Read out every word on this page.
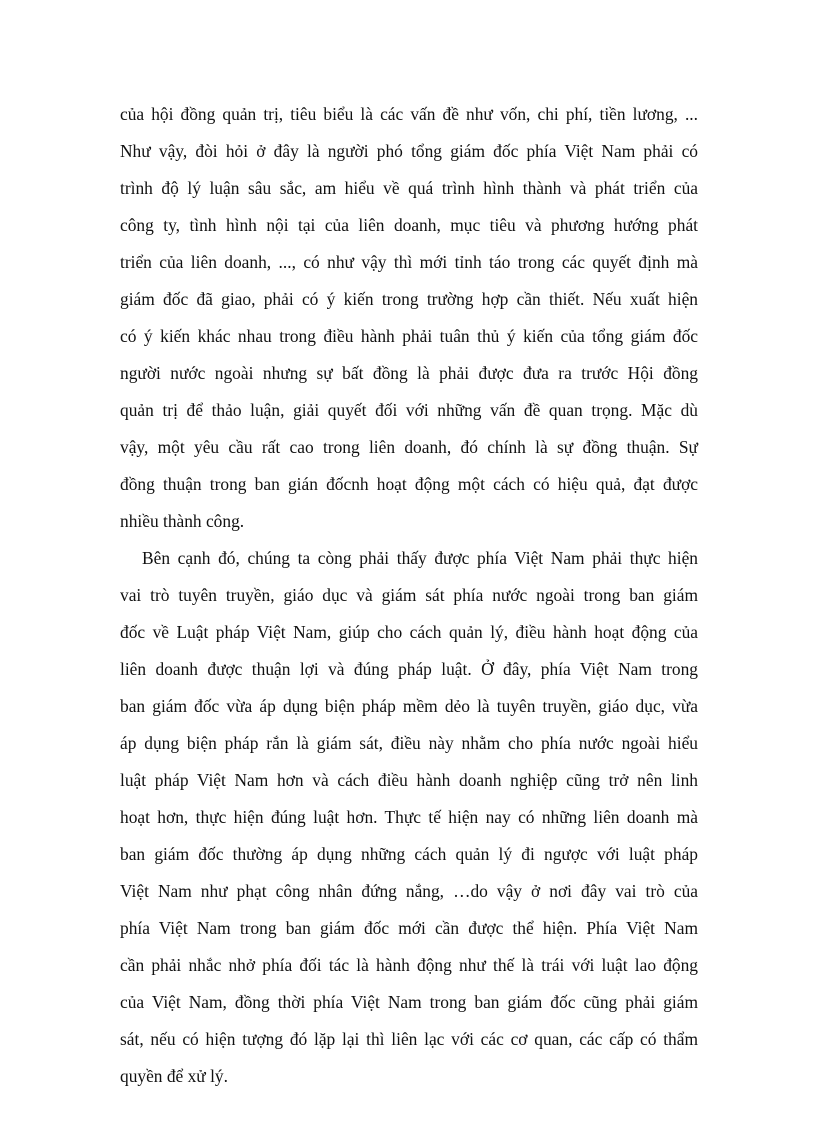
của hội đồng quản trị, tiêu biểu là các vấn đề như vốn, chi phí, tiền lương, ...
Như vậy, đòi hỏi ở đây là người phó tổng giám đốc phía Việt Nam phải có
trình độ lý luận sâu sắc, am hiểu về quá trình hình thành và phát triển của
công ty, tình hình nội tại của liên doanh, mục tiêu và phương hướng phát
triển của liên doanh, ..., có như vậy thì mới tỉnh táo trong các quyết định mà
giám đốc đã giao, phải có ý kiến trong trường hợp cần thiết. Nếu xuất hiện
có ý kiến khác nhau trong điều hành phải tuân thủ ý kiến của tổng giám đốc
người nước ngoài nhưng sự bất đồng là phải được đưa ra trước Hội đồng
quản trị để thảo luận, giải quyết đối với những vấn đề quan trọng. Mặc dù
vậy, một yêu cầu rất cao trong liên doanh, đó chính là sự đồng thuận. Sự
đồng thuận trong ban gián đốcnh hoạt động một cách có hiệu quả, đạt được
nhiều thành công.
Bên cạnh đó, chúng ta còng phải thấy được phía Việt Nam phải thực hiện
vai trò tuyên truyền, giáo dục và giám sát phía nước ngoài trong ban giám
đốc về Luật pháp Việt Nam, giúp cho cách quản lý, điều hành hoạt động của
liên doanh được thuận lợi và đúng pháp luật. Ở đây, phía Việt Nam trong
ban giám đốc vừa áp dụng biện pháp mềm dẻo là tuyên truyền, giáo dục, vừa
áp dụng biện pháp rắn là giám sát, điều này nhằm cho phía nước ngoài hiểu
luật pháp Việt Nam hơn và cách điều hành doanh nghiệp cũng trở nên linh
hoạt hơn, thực hiện đúng luật hơn. Thực tế hiện nay có những liên doanh mà
ban giám đốc thường áp dụng những cách quản lý đi ngược với luật pháp
Việt Nam như phạt công nhân đứng nắng, …do vậy ở nơi đây vai trò của
phía Việt Nam trong ban giám đốc mới cần được thể hiện. Phía Việt Nam
cần phải nhắc nhở phía đối tác là hành động như thế là trái với luật lao động
của Việt Nam, đồng thời phía Việt Nam trong ban giám đốc cũng phải giám
sát, nếu có hiện tượng đó lặp lại thì liên lạc với các cơ quan, các cấp có thẩm
quyền để xử lý.
